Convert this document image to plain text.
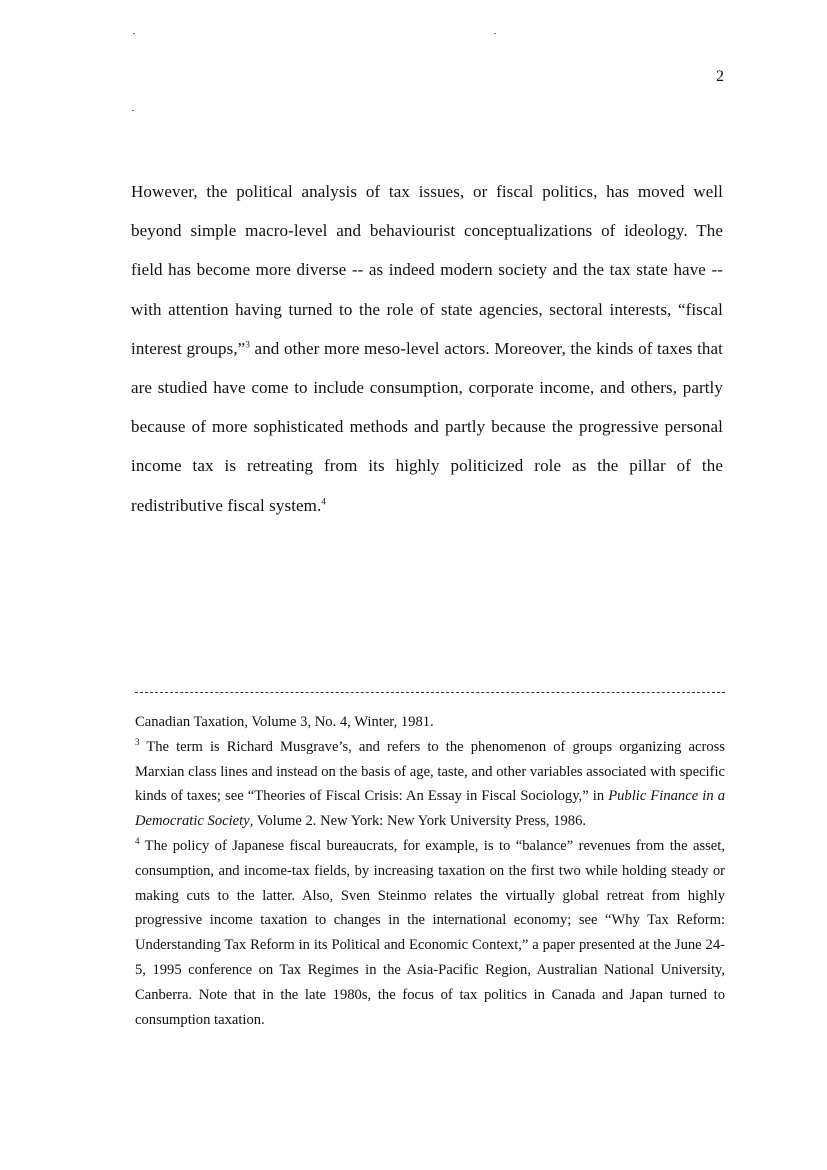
2
However, the political analysis of tax issues, or fiscal politics, has moved well beyond simple macro-level and behaviourist conceptualizations of ideology. The field has become more diverse -- as indeed modern society and the tax state have -- with attention having turned to the role of state agencies, sectoral interests, “fiscal interest groups,”$^3$ and other more meso-level actors. Moreover, the kinds of taxes that are studied have come to include consumption, corporate income, and others, partly because of more sophisticated methods and partly because the progressive personal income tax is retreating from its highly politicized role as the pillar of the redistributive fiscal system.$^4$

Canadian Taxation, Volume 3, No. 4, Winter, 1981.

$^3$ The term is Richard Musgrave’s, and refers to the phenomenon of groups organizing across Marxian class lines and instead on the basis of age, taste, and other variables associated with specific kinds of taxes; see “Theories of Fiscal Crisis: An Essay in Fiscal Sociology,” in Public Finance in a Democratic Society, Volume 2. New York: New York University Press, 1986.

$^4$ The policy of Japanese fiscal bureaucrats, for example, is to “balance” revenues from the asset, consumption, and income-tax fields, by increasing taxation on the first two while holding steady or making cuts to the latter. Also, Sven Steinmo relates the virtually global retreat from highly progressive income taxation to changes in the international economy; see “Why Tax Reform: Understanding Tax Reform in its Political and Economic Context,” a paper presented at the June 24-5, 1995 conference on Tax Regimes in the Asia-Pacific Region, Australian National University, Canberra. Note that in the late 1980s, the focus of tax politics in Canada and Japan turned to consumption taxation.
